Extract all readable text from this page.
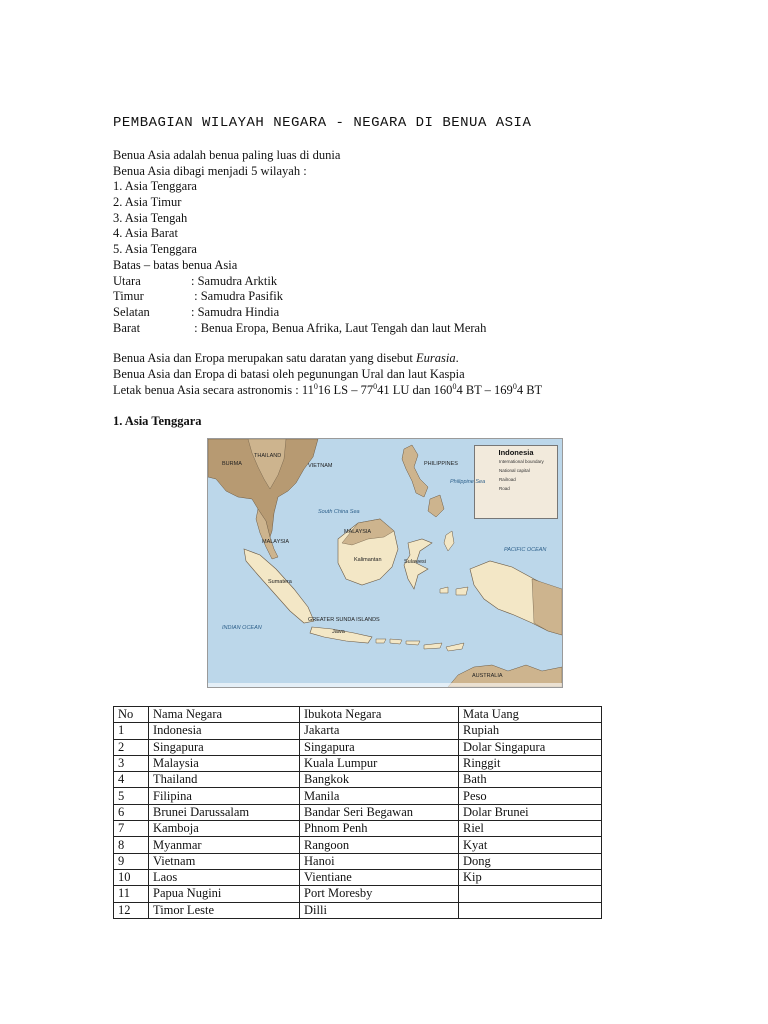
PEMBAGIAN WILAYAH NEGARA - NEGARA DI BENUA ASIA
Benua Asia adalah benua paling luas di dunia
Benua Asia dibagi menjadi 5 wilayah :
1. Asia Tenggara
2. Asia Timur
3. Asia Tengah
4. Asia Barat
5. Asia Tenggara
Batas – batas benua Asia
Utara	: Samudra Arktik
Timur	: Samudra Pasifik
Selatan	: Samudra Hindia
Barat	: Benua Eropa, Benua Afrika, Laut Tengah dan laut Merah
Benua Asia dan Eropa merupakan satu daratan yang disebut Eurasia.
Benua Asia dan Eropa di batasi oleh pegunungan Ural dan laut Kaspia
Letak benua Asia secara astronomis : $11^016$ LS – $77^041$ LU dan $160^04$ BT – $169^04$ BT
1. Asia Tenggara
Indonesia
International boundary
National capital
Railroad
Road
BURMA
THAILAND
VIETNAM	PHILIPPINES
MALAYSIA
MALAYSIA
Sumatera
Kalimantan	Sulawesi
Jawa
AUSTRALIA
GREATER SUNDA ISLANDS
INDIAN OCEAN
PACIFIC OCEAN
South China Sea
Philippine Sea
No	Nama Negara	Ibukota Negara	Mata Uang
1	Indonesia	Jakarta	Rupiah
2	Singapura	Singapura	Dolar Singapura
3	Malaysia	Kuala Lumpur	Ringgit
4	Thailand	Bangkok	Bath
5	Filipina	Manila	Peso
6	Brunei Darussalam	Bandar Seri Begawan	Dolar Brunei
7	Kamboja	Phnom Penh	Riel
8	Myanmar	Rangoon	Kyat
9	Vietnam	Hanoi	Dong
10	Laos	Vientiane	Kip
11	Papua Nugini	Port Moresby	
12	Timor Leste	Dilli	
